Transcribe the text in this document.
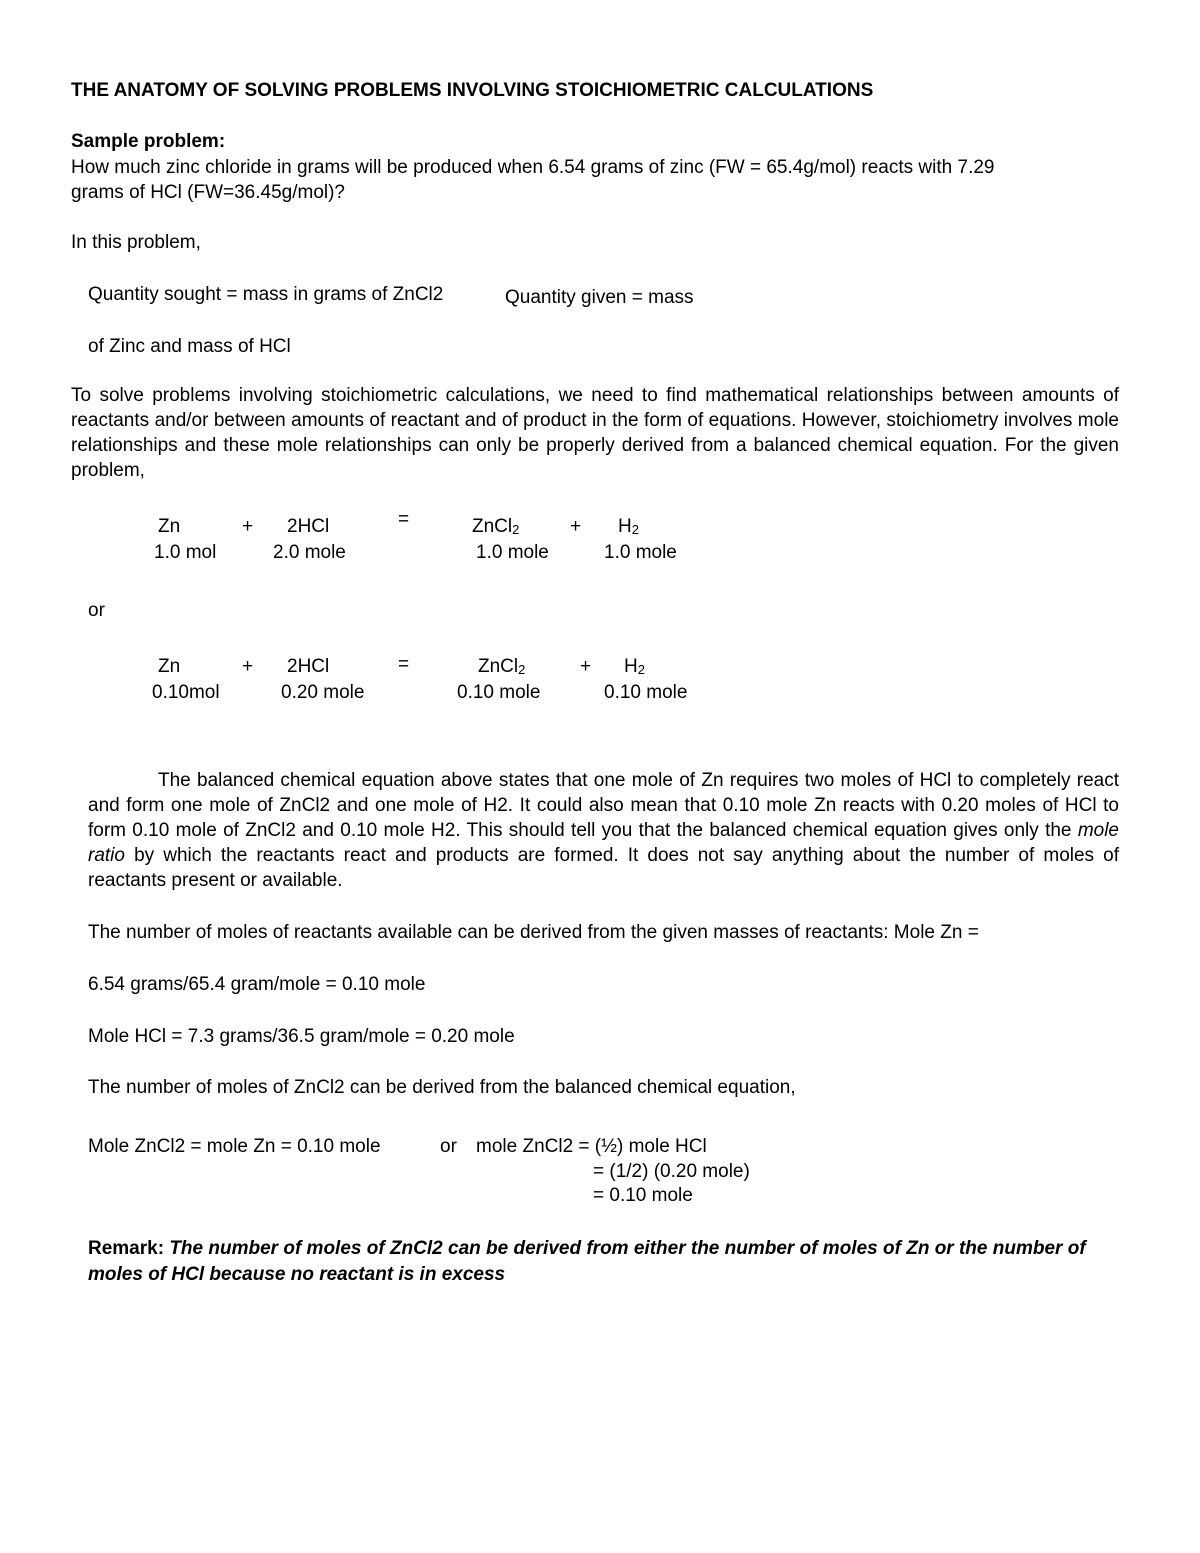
THE ANATOMY OF SOLVING PROBLEMS INVOLVING STOICHIOMETRIC CALCULATIONS
Sample problem:
How much zinc chloride in grams will be produced when 6.54 grams of zinc (FW = 65.4g/mol) reacts with 7.29
grams of HCl (FW=36.45g/mol)?
In this problem,
Quantity sought = mass in grams of ZnCl2	Quantity given = mass
of Zinc and mass of HCl

To solve problems involving stoichiometric calculations, we need to find mathematical relationships between amounts of reactants and/or between amounts of reactant and of product in the form of equations. However, stoichiometry involves mole relationships and these mole relationships can only be properly derived from a balanced chemical equation. For the given problem,

Zn	+ 2HCl	=	ZnCl$_2$	+ $H_2$
1.0 mol	2.0 mole	1.0 mole	1.0 mole
or
Zn	+ 2HCl	=	ZnCl$_2$	+ $H_2$
0.10mol	0.20 mole	0.10 mole	0.10 mole

The balanced chemical equation above states that one mole of Zn requires two moles of HCl to completely react and form one mole of ZnCl2 and one mole of H2. It could also mean that 0.10 mole Zn reacts with 0.20 moles of HCl to form 0.10 mole of ZnCl2 and 0.10 mole H2. This should tell you that the balanced chemical equation gives only the mole ratio by which the reactants react and products are formed. It does not say anything about the number of moles of reactants present or available.

The number of moles of reactants available can be derived from the given masses of reactants: Mole Zn =
6.54 grams/65.4 gram/mole = 0.10 mole
Mole HCl = 7.3 grams/36.5 gram/mole = 0.20 mole
The number of moles of ZnCl2 can be derived from the balanced chemical equation,
Mole ZnCl2 = mole Zn = 0.10 mole	or mole ZnCl2 = (½) mole HCl
= (1/2) (0.20 mole)
= 0.10 mole
Remark: The number of moles of ZnCl2 can be derived from either the number of moles of Zn or the number of moles of HCl because no reactant is in excess
